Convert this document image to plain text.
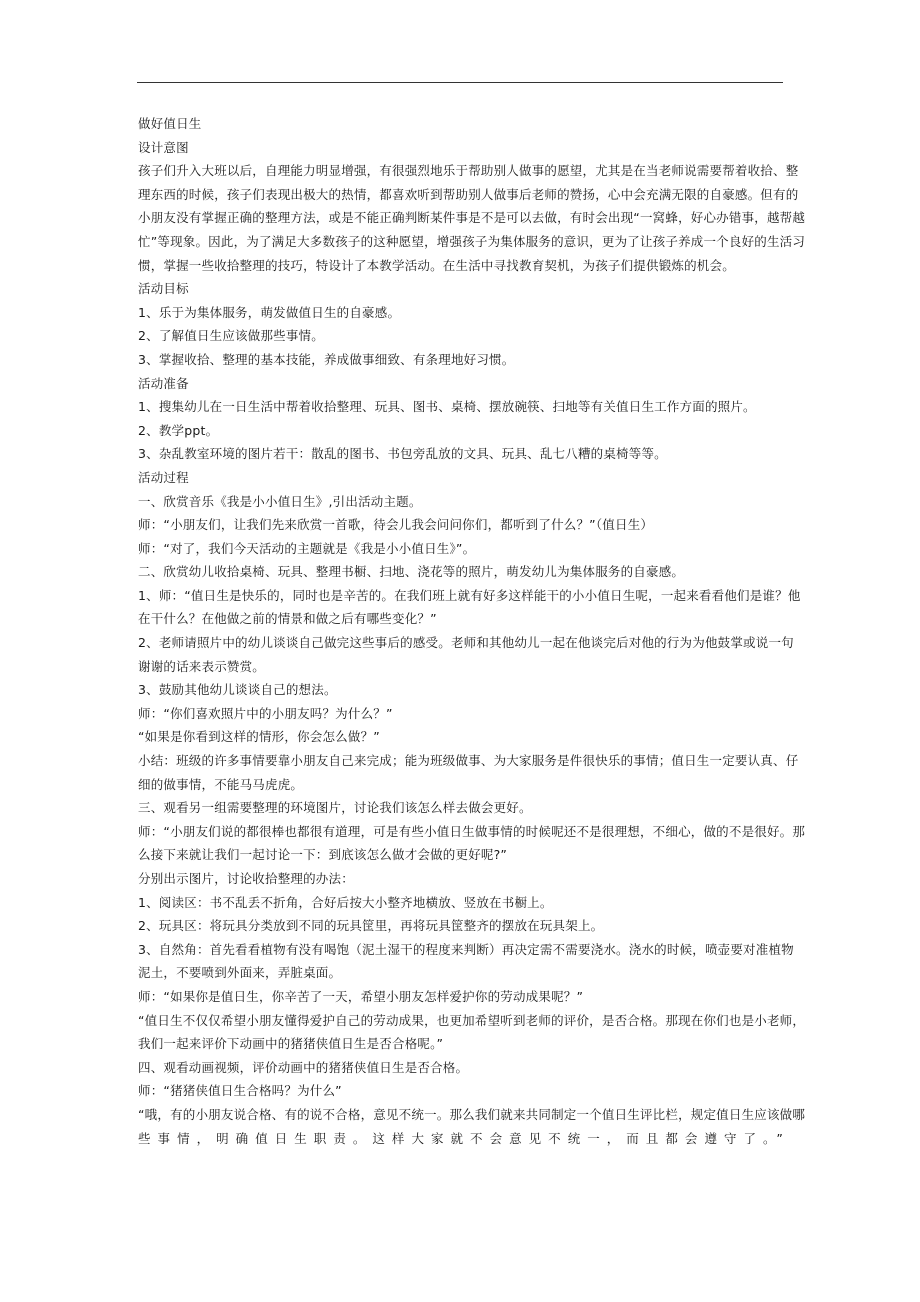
做好值日生
设计意图
孩子们升入大班以后，自理能力明显增强，有很强烈地乐于帮助别人做事的愿望，尤其是在当老师说需要帮着收拾、整
理东西的时候，孩子们表现出极大的热情，都喜欢听到帮助别人做事后老师的赞扬，心中会充满无限的自豪感。但有的
小朋友没有掌握正确的整理方法，或是不能正确判断某件事是不是可以去做，有时会出现“一窝蜂，好心办错事，越帮越
忙”等现象。因此，为了满足大多数孩子的这种愿望，增强孩子为集体服务的意识，更为了让孩子养成一个良好的生活习
惯，掌握一些收拾整理的技巧，特设计了本教学活动。在生活中寻找教育契机，为孩子们提供锻炼的机会。
活动目标
1、乐于为集体服务，萌发做值日生的自豪感。
2、了解值日生应该做那些事情。
3、掌握收拾、整理的基本技能，养成做事细致、有条理地好习惯。
活动准备
1、搜集幼儿在一日生活中帮着收拾整理、玩具、图书、桌椅、摆放碗筷、扫地等有关值日生工作方面的照片。
2、教学ppt。
3、杂乱教室环境的图片若干：散乱的图书、书包旁乱放的文具、玩具、乱七八糟的桌椅等等。
活动过程
一、欣赏音乐《我是小小值日生》,引出活动主题。
师：“小朋友们，让我们先来欣赏一首歌，待会儿我会问问你们，都听到了什么？”（值日生）
师：“对了，我们今天活动的主题就是《我是小小值日生》”。
二、欣赏幼儿收拾桌椅、玩具、整理书橱、扫地、浇花等的照片，萌发幼儿为集体服务的自豪感。
1、师：“值日生是快乐的，同时也是辛苦的。在我们班上就有好多这样能干的小小值日生呢，一起来看看他们是谁？他
在干什么？在他做之前的情景和做之后有哪些变化？”
2、老师请照片中的幼儿谈谈自己做完这些事后的感受。老师和其他幼儿一起在他谈完后对他的行为为他鼓掌或说一句
谢谢的话来表示赞赏。
3、鼓励其他幼儿谈谈自己的想法。
师：“你们喜欢照片中的小朋友吗？为什么？”
“如果是你看到这样的情形，你会怎么做？”
小结：班级的许多事情要靠小朋友自己来完成；能为班级做事、为大家服务是件很快乐的事情；值日生一定要认真、仔
细的做事情，不能马马虎虎。
三、观看另一组需要整理的环境图片，讨论我们该怎么样去做会更好。
师：“小朋友们说的都很棒也都很有道理，可是有些小值日生做事情的时候呢还不是很理想，不细心，做的不是很好。那
么接下来就让我们一起讨论一下：到底该怎么做才会做的更好呢?”
分别出示图片，讨论收拾整理的办法：
1、阅读区：书不乱丢不折角，合好后按大小整齐地横放、竖放在书橱上。
2、玩具区：将玩具分类放到不同的玩具筐里，再将玩具筐整齐的摆放在玩具架上。
3、自然角：首先看看植物有没有喝饱（泥土湿干的程度来判断）再决定需不需要浇水。浇水的时候，喷壶要对准植物
泥土，不要喷到外面来，弄脏桌面。
师：“如果你是值日生，你辛苦了一天，希望小朋友怎样爱护你的劳动成果呢？”
“值日生不仅仅希望小朋友懂得爱护自己的劳动成果，也更加希望听到老师的评价，是否合格。那现在你们也是小老师，
我们一起来评价下动画中的猪猪侠值日生是否合格呢。”
四、观看动画视频，评价动画中的猪猪侠值日生是否合格。
师：“猪猪侠值日生合格吗？为什么”
“哦，有的小朋友说合格、有的说不合格，意见不统一。那么我们就来共同制定一个值日生评比栏，规定值日生应该做哪
些事情，明确值日生职责。这样大家就不会意见不统一，而且都会遵守了。”
